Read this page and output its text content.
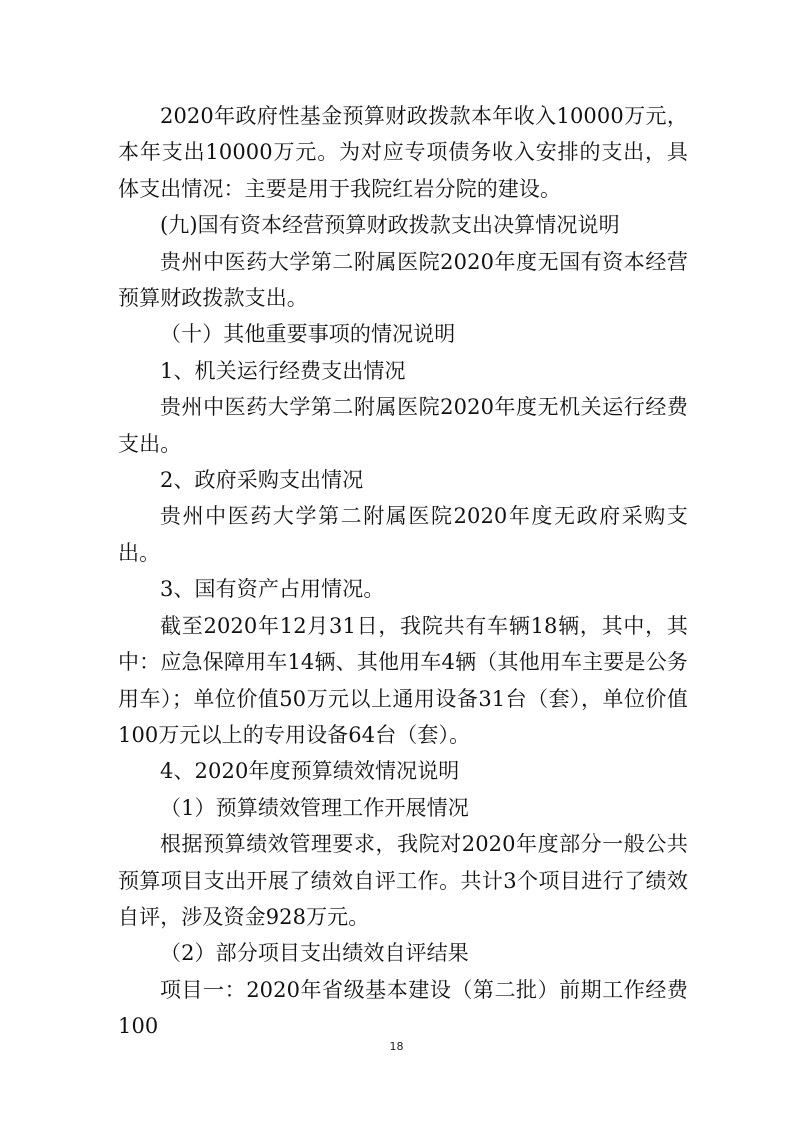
2020年政府性基金预算财政拨款本年收入10000万元，本年支出10000万元。为对应专项债务收入安排的支出，具体支出情况：主要是用于我院红岩分院的建设。

(九)国有资本经营预算财政拨款支出决算情况说明

贵州中医药大学第二附属医院2020年度无国有资本经营预算财政拨款支出。

（十）其他重要事项的情况说明

1、机关运行经费支出情况

贵州中医药大学第二附属医院2020年度无机关运行经费支出。

2、政府采购支出情况

贵州中医药大学第二附属医院2020年度无政府采购支出。

3、国有资产占用情况。

截至2020年12月31日，我院共有车辆18辆，其中，其中：应急保障用车14辆、其他用车4辆（其他用车主要是公务用车）；单位价值50万元以上通用设备31台（套），单位价值100万元以上的专用设备64台（套）。

4、2020年度预算绩效情况说明

（1）预算绩效管理工作开展情况

根据预算绩效管理要求，我院对2020年度部分一般公共预算项目支出开展了绩效自评工作。共计3个项目进行了绩效自评，涉及资金928万元。

（2）部分项目支出绩效自评结果

项目一：2020年省级基本建设（第二批）前期工作经费100

18
